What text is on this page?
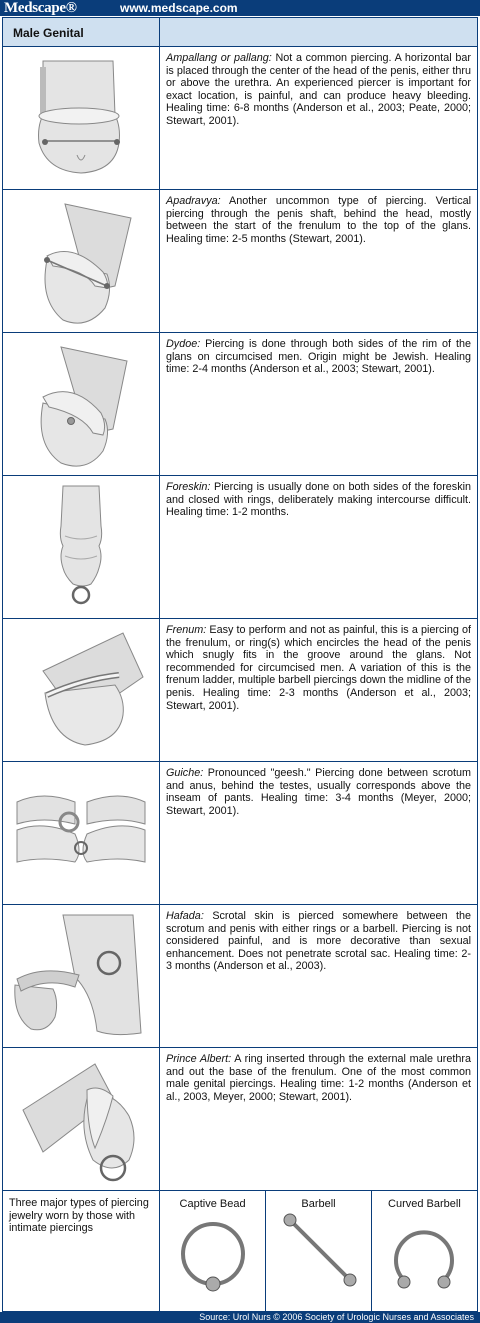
Medscape®	www.medscape.com
Male Genital

Ampallang or pallang: Not a common piercing. A horizontal bar is placed through the center of the head of the penis, either thru or above the urethra. An experienced piercer is important for exact location, is painful, and can produce heavy bleeding. Healing time: 6-8 months (Anderson et al., 2003; Peate, 2000; Stewart, 2001).

Apadravya: Another uncommon type of piercing. Vertical piercing through the penis shaft, behind the head, mostly between the start of the frenulum to the top of the glans. Healing time: 2-5 months (Stewart, 2001).

Dydoe: Piercing is done through both sides of the rim of the glans on circumcised men. Origin might be Jewish. Healing time: 2-4 months (Anderson et al., 2003; Stewart, 2001).

Foreskin: Piercing is usually done on both sides of the foreskin and closed with rings, deliberately making intercourse difficult. Healing time: 1-2 months.

Frenum: Easy to perform and not as painful, this is a piercing of the frenulum, or ring(s) which encircles the head of the penis which snugly fits in the groove around the glans. Not recommended for circumcised men. A variation of this is the frenum ladder, multiple barbell piercings down the midline of the penis. Healing time: 2-3 months (Anderson et al., 2003; Stewart, 2001).

Guiche: Pronounced "geesh." Piercing done between scrotum and anus, behind the testes, usually corresponds above the inseam of pants. Healing time: 3-4 months (Meyer, 2000; Stewart, 2001).

Hafada: Scrotal skin is pierced somewhere between the scrotum and penis with either rings or a barbell. Piercing is not considered painful, and is more decorative than sexual enhancement. Does not penetrate scrotal sac. Healing time: 2-3 months (Anderson et al., 2003).

Prince Albert: A ring inserted through the external male urethra and out the base of the frenulum. One of the most common male genital piercings. Healing time: 1-2 months (Anderson et al., 2003, Meyer, 2000; Stewart, 2001).

Three major types of piercing jewelry worn by those with intimate piercings

Captive Bead	Barbell	Curved Barbell
Source: Urol Nurs © 2006 Society of Urologic Nurses and Associates
